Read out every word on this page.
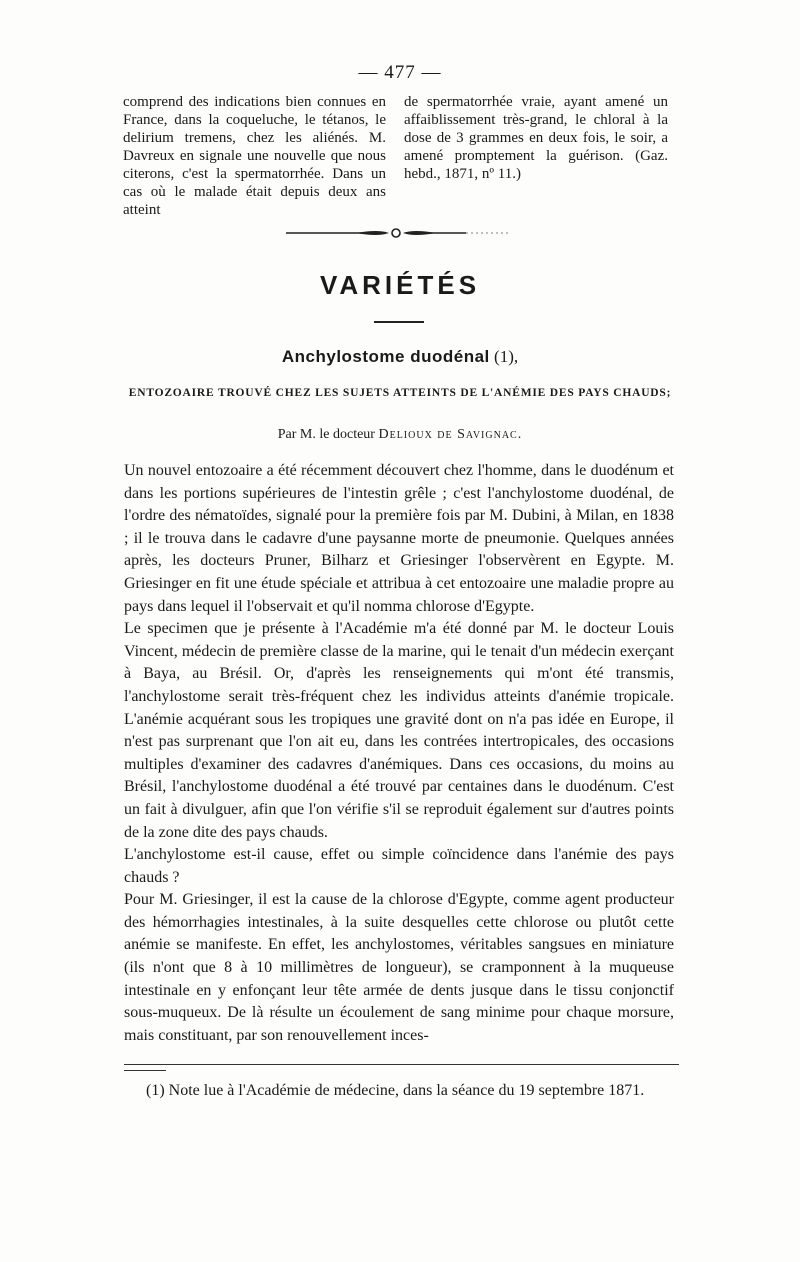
— 477 —

comprend des indications bien connues en France, dans la coqueluche, le tétanos, le delirium tremens, chez les aliénés. M. Davreux en signale une nouvelle que nous citerons, c'est la spermatorrhée. Dans un cas où le malade était depuis deux ans atteint

de spermatorrhée vraie, ayant amené un affaiblissement très-grand, le chloral à la dose de 3 grammes en deux fois, le soir, a amené promptement la guérison. (Gaz. hebd., 1871, nº 11.)

VARIÉTÉS
Anchylostome duodénal (1),
ENTOZOAIRE TROUVÉ CHEZ LES SUJETS ATTEINTS DE L'ANÉMIE DES PAYS CHAUDS;
Par M. le docteur Delioux de Savignac.

Un nouvel entozoaire a été récemment découvert chez l'homme, dans le duodénum et dans les portions supérieures de l'intestin grêle ; c'est l'anchylostome duodénal, de l'ordre des nématoïdes, signalé pour la première fois par M. Dubini, à Milan, en 1838 ; il le trouva dans le cadavre d'une paysanne morte de pneumonie. Quelques années après, les docteurs Pruner, Bilharz et Griesinger l'observèrent en Egypte. M. Griesinger en fit une étude spéciale et attribua à cet entozoaire une maladie propre au pays dans lequel il l'observait et qu'il nomma chlorose d'Egypte.

Le specimen que je présente à l'Académie m'a été donné par M. le docteur Louis Vincent, médecin de première classe de la marine, qui le tenait d'un médecin exerçant à Baya, au Brésil. Or, d'après les renseignements qui m'ont été transmis, l'anchylostome serait très-fréquent chez les individus atteints d'anémie tropicale. L'anémie acquérant sous les tropiques une gravité dont on n'a pas idée en Europe, il n'est pas surprenant que l'on ait eu, dans les contrées intertropicales, des occasions multiples d'examiner des cadavres d'anémiques. Dans ces occasions, du moins au Brésil, l'anchylostome duodénal a été trouvé par centaines dans le duodénum. C'est un fait à divulguer, afin que l'on vérifie s'il se reproduit également sur d'autres points de la zone dite des pays chauds.

L'anchylostome est-il cause, effet ou simple coïncidence dans l'anémie des pays chauds ?

Pour M. Griesinger, il est la cause de la chlorose d'Egypte, comme agent producteur des hémorrhagies intestinales, à la suite desquelles cette chlorose ou plutôt cette anémie se manifeste. En effet, les anchylostomes, véritables sangsues en miniature (ils n'ont que 8 à 10 millimètres de longueur), se cramponnent à la muqueuse intestinale en y enfonçant leur tête armée de dents jusque dans le tissu conjonctif sous-muqueux. De là résulte un écoulement de sang minime pour chaque morsure, mais constituant, par son renouvellement inces-

(1) Note lue à l'Académie de médecine, dans la séance du 19 septembre 1871.
